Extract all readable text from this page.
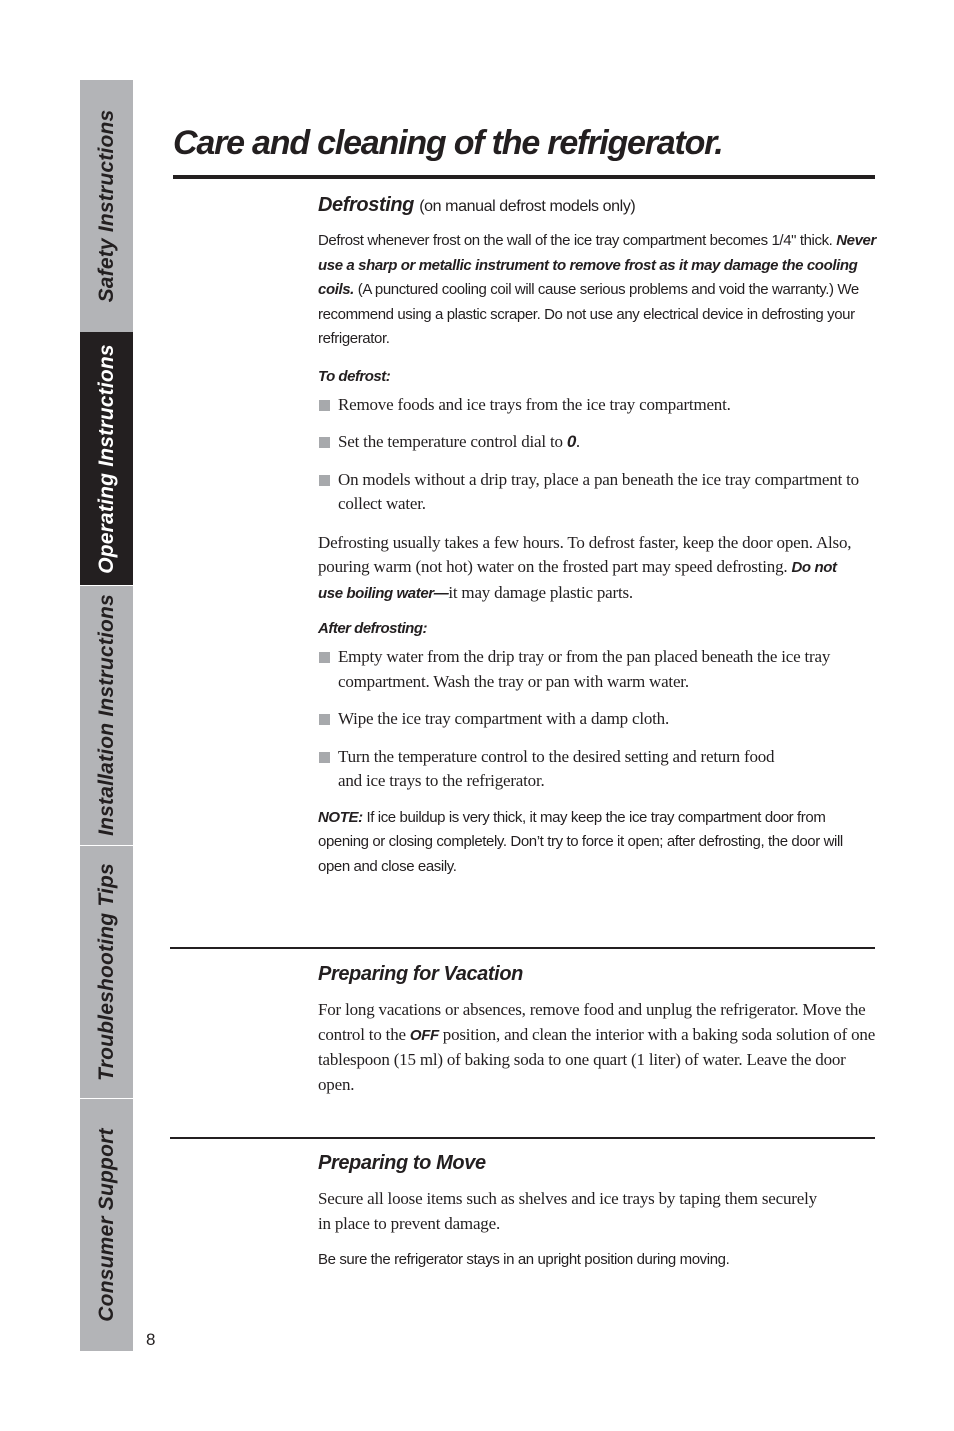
Safety Instructions
Operating Instructions
Installation Instructions
Troubleshooting Tips
Consumer Support
8
Care and cleaning of the refrigerator.
Defrosting (on manual defrost models only)

Defrost whenever frost on the wall of the ice tray compartment becomes 1/4" thick. Never use a sharp or metallic instrument to remove frost as it may damage the cooling coils. (A punctured cooling coil will cause serious problems and void the warranty.) We recommend using a plastic scraper. Do not use any electrical device in defrosting your refrigerator.

To defrost:
Remove foods and ice trays from the ice tray compartment.
Set the temperature control dial to 0.
On models without a drip tray, place a pan beneath the ice tray compartment to collect water.

Defrosting usually takes a few hours. To defrost faster, keep the door open. Also, pouring warm (not hot) water on the frosted part may speed defrosting. Do not use boiling water—it may damage plastic parts.

After defrosting:
Empty water from the drip tray or from the pan placed beneath the ice tray compartment. Wash the tray or pan with warm water.
Wipe the ice tray compartment with a damp cloth.
Turn the temperature control to the desired setting and return food and ice trays to the refrigerator.

NOTE: If ice buildup is very thick, it may keep the ice tray compartment door from opening or closing completely. Don’t try to force it open; after defrosting, the door will open and close easily.

Preparing for Vacation

For long vacations or absences, remove food and unplug the refrigerator. Move the control to the OFF position, and clean the interior with a baking soda solution of one tablespoon (15 ml) of baking soda to one quart (1 liter) of water. Leave the door open.

Preparing to Move

Secure all loose items such as shelves and ice trays by taping them securely in place to prevent damage.

Be sure the refrigerator stays in an upright position during moving.
